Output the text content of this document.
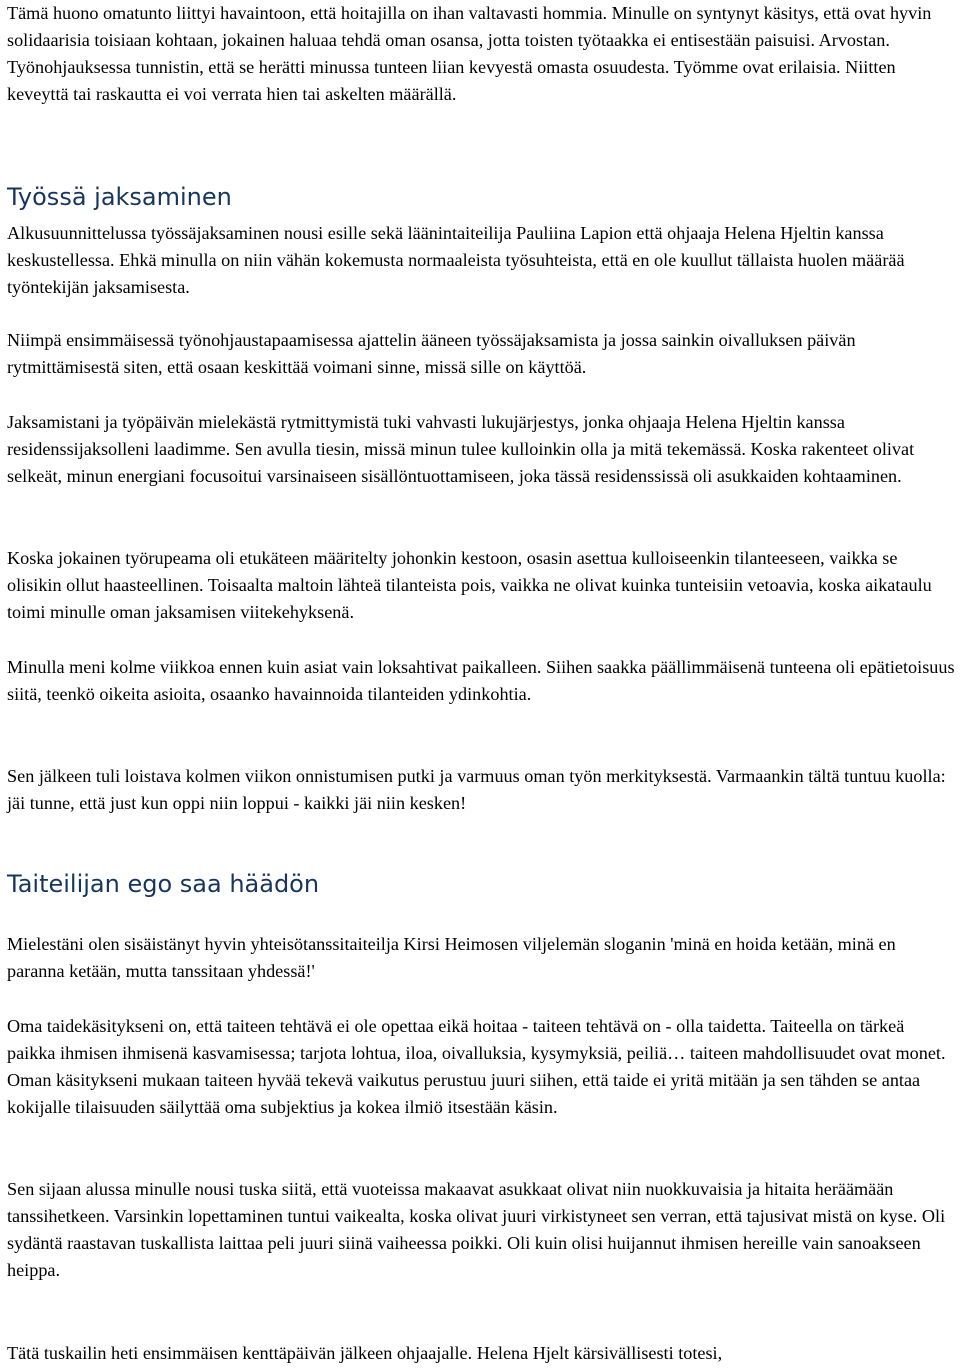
Tämä huono omatunto liittyi havaintoon, että hoitajilla on ihan valtavasti hommia. Minulle on syntynyt käsitys, että ovat hyvin solidaarisia toisiaan kohtaan, jokainen haluaa tehdä oman osansa, jotta toisten työtaakka ei entisestään paisuisi. Arvostan. Työnohjauksessa tunnistin, että se herätti minussa tunteen liian kevyestä omasta osuudesta. Työmme ovat erilaisia. Niitten keveyttä tai raskautta ei voi verrata hien tai askelten määrällä.

Työssä jaksaminen

Alkusuunnittelussa työssäjaksaminen nousi esille sekä läänintaiteilija Pauliina Lapion että ohjaaja Helena Hjeltin kanssa keskustellessa. Ehkä minulla on niin vähän kokemusta normaaleista työsuhteista, että en ole kuullut tällaista huolen määrää työntekijän jaksamisesta.

Niimpä ensimmäisessä työnohjaustapaamisessa ajattelin ääneen työssäjaksamista ja jossa sainkin oivalluksen päivän rytmittämisestä siten, että osaan keskittää voimani sinne, missä sille on käyttöä.

Jaksamistani ja työpäivän mielekästä rytmittymistä tuki vahvasti lukujärjestys, jonka ohjaaja Helena Hjeltin kanssa residenssijaksolleni laadimme. Sen avulla tiesin, missä minun tulee kulloinkin olla ja mitä tekemässä. Koska rakenteet olivat selkeät, minun energiani focusoitui varsinaiseen sisällöntuottamiseen, joka tässä residenssissä oli asukkaiden kohtaaminen.

Koska jokainen työrupeama oli etukäteen määritelty johonkin kestoon, osasin asettua kulloiseenkin tilanteeseen, vaikka se olisikin ollut haasteellinen. Toisaalta maltoin lähteä tilanteista pois, vaikka ne olivat kuinka tunteisiin vetoavia, koska aikataulu toimi minulle oman jaksamisen viitekehyksenä.

Minulla meni kolme viikkoa ennen kuin asiat vain loksahtivat paikalleen. Siihen saakka päällimmäisenä tunteena oli epätietoisuus siitä, teenkö oikeita asioita, osaanko havainnoida tilanteiden ydinkohtia.

Sen jälkeen tuli loistava kolmen viikon onnistumisen putki ja varmuus oman työn merkityksestä. Varmaankin tältä tuntuu kuolla: jäi tunne, että just kun oppi niin loppui - kaikki jäi niin kesken!

Taiteilijan ego saa häädön

Mielestäni olen sisäistänyt hyvin yhteisötanssitaiteilja Kirsi Heimosen viljelemän sloganin 'minä en hoida ketään, minä en paranna ketään, mutta tanssitaan yhdessä!'

Oma taidekäsitykseni on, että taiteen tehtävä ei ole opettaa eikä hoitaa - taiteen tehtävä on - olla taidetta. Taiteella on tärkeä paikka ihmisen ihmisenä kasvamisessa; tarjota lohtua, iloa, oivalluksia, kysymyksiä, peiliä… taiteen mahdollisuudet ovat monet. Oman käsitykseni mukaan taiteen hyvää tekevä vaikutus perustuu juuri siihen, että taide ei yritä mitään ja sen tähden se antaa kokijalle tilaisuuden säilyttää oma subjektius ja kokea ilmiö itsestään käsin.

Sen sijaan alussa minulle nousi tuska siitä, että vuoteissa makaavat asukkaat olivat niin nuokkuvaisia ja hitaita heräämään tanssihetkeen. Varsinkin lopettaminen tuntui vaikealta, koska olivat juuri virkistyneet sen verran, että tajusivat mistä on kyse. Oli sydäntä raastavan tuskallista laittaa peli juuri siinä vaiheessa poikki. Oli kuin olisi huijannut ihmisen hereille vain sanoakseen heippa.

Tätä tuskailin heti ensimmäisen kenttäpäivän jälkeen ohjaajalle. Helena Hjelt kärsivällisesti totesi,
